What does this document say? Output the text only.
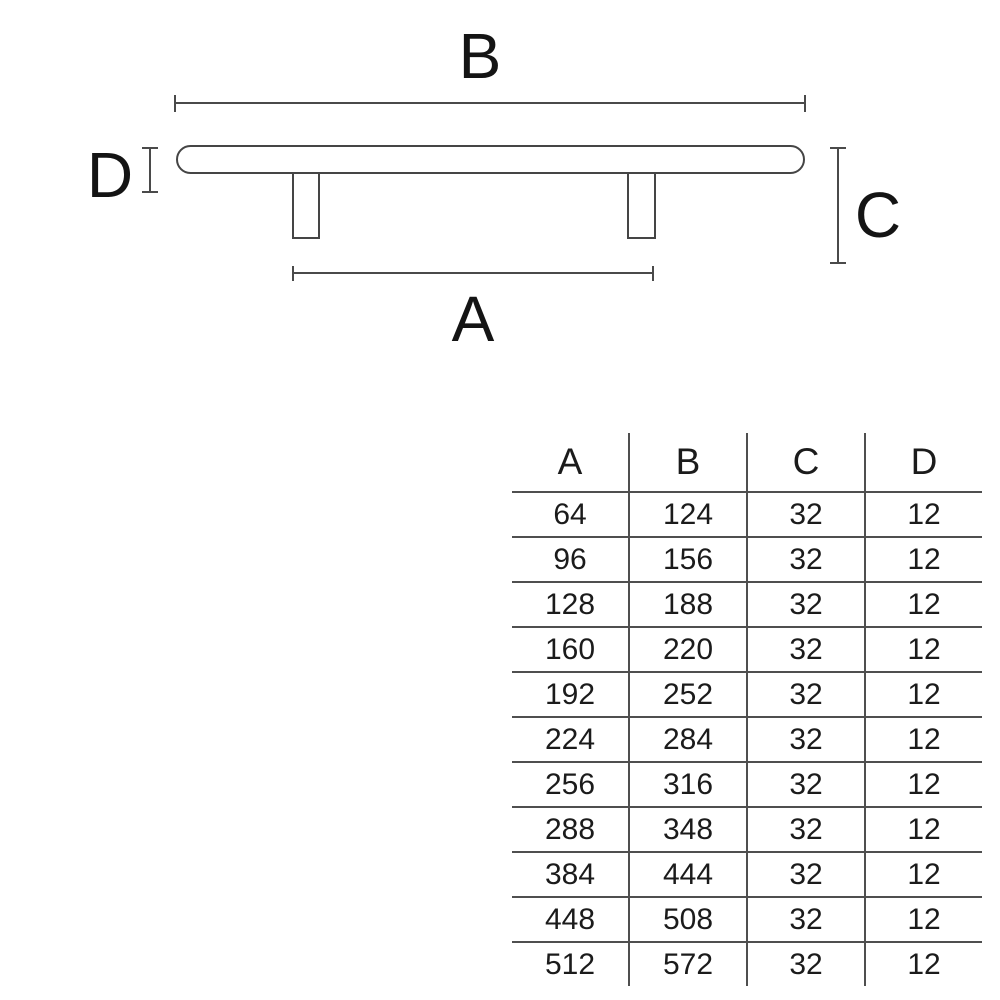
B
D
C
A
A	B	C	D
64	124	32	12
96	156	32	12
128	188	32	12
160	220	32	12
192	252	32	12
224	284	32	12
256	316	32	12
288	348	32	12
384	444	32	12
448	508	32	12
512	572	32	12
